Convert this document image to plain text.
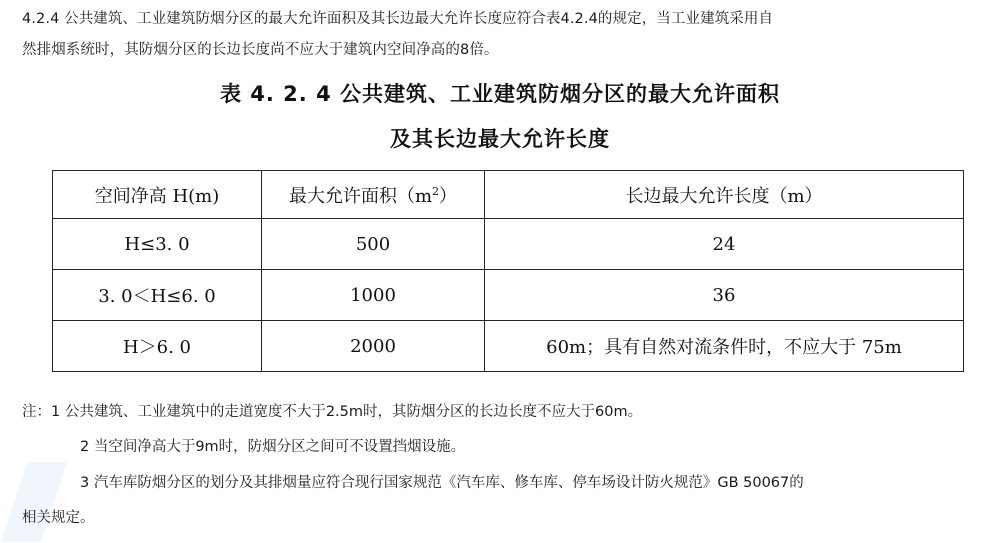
4.2.4 公共建筑、工业建筑防烟分区的最大允许面积及其长边最大允许长度应符合表4.2.4的规定，当工业建筑采用自
然排烟系统时，其防烟分区的长边长度尚不应大于建筑内空间净高的8倍。
表 4. 2. 4 公共建筑、工业建筑防烟分区的最大允许面积
及其长边最大允许长度
空间净高 H(m)	最大允许面积$(m^2)$	长边最大允许长度（m）
H≤3. 0	500	24
3. 0＜H≤6. 0	1000	36
H＞6. 0	2000	60m；具有自然对流条件时，不应大于 75m
注：1 公共建筑、工业建筑中的走道宽度不大于2.5m时，其防烟分区的长边长度不应大于60m。
2 当空间净高大于9m时，防烟分区之间可不设置挡烟设施。
3 汽车库防烟分区的划分及其排烟量应符合现行国家规范《汽车库、修车库、停车场设计防火规范》GB 50067的
相关规定。
